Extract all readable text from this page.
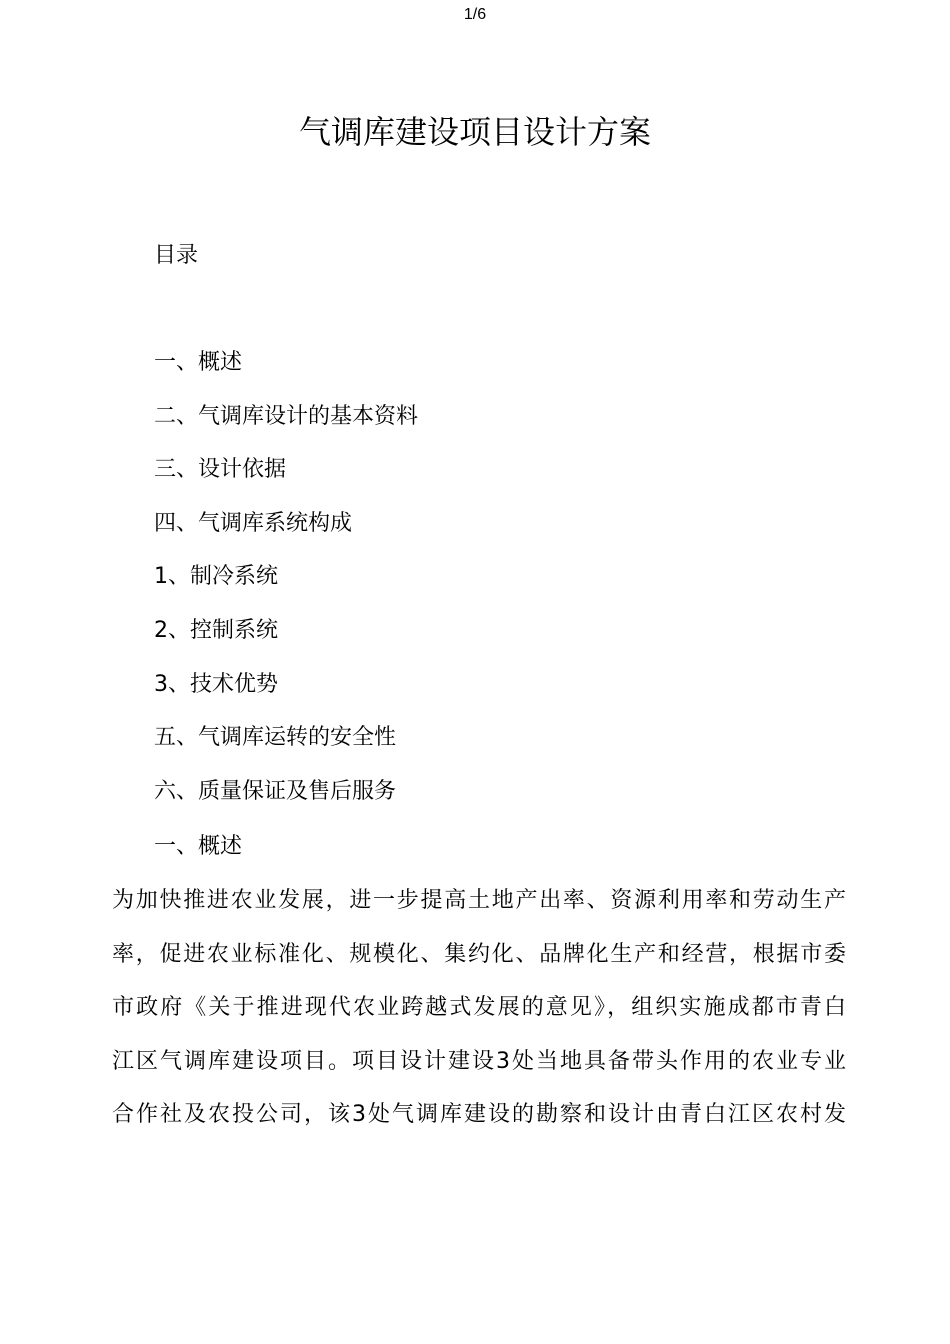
1/6
气调库建设项目设计方案
目录
一、概述
二、气调库设计的基本资料
三、设计依据
四、气调库系统构成
1、制冷系统
2、控制系统
3、技术优势
五、气调库运转的安全性
六、质量保证及售后服务
一、概述
为加快推进农业发展，进一步提高土地产出率、资源利用率和劳动生产
率，促进农业标准化、规模化、集约化、品牌化生产和经营，根据市委
市政府《关于推进现代农业跨越式发展的意见》，组织实施成都市青白
江区气调库建设项目。项目设计建设3处当地具备带头作用的农业专业
合作社及农投公司，该3处气调库建设的勘察和设计由青白江区农村发
